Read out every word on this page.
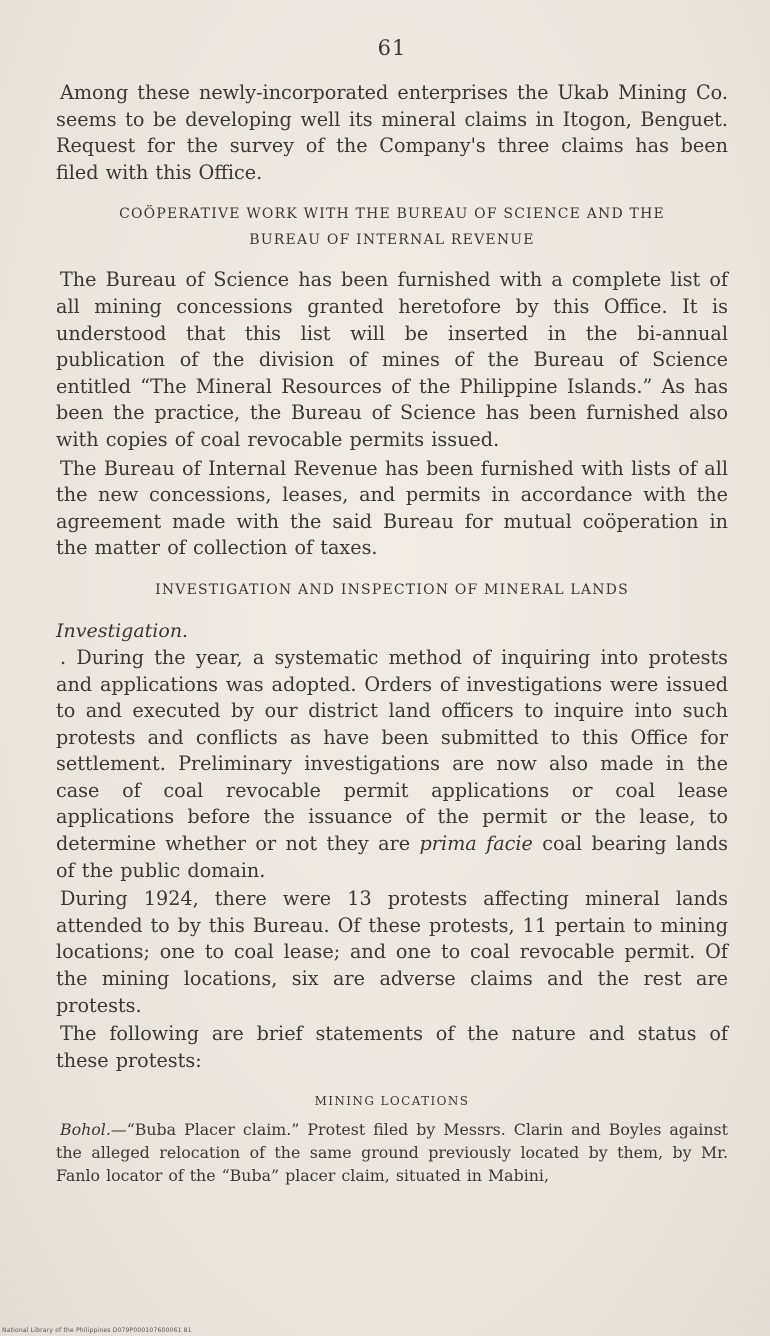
61

Among these newly-incorporated enterprises the Ukab Mining Co. seems to be developing well its mineral claims in Itogon, Benguet. Request for the survey of the Company's three claims has been filed with this Office.

COÖPERATIVE WORK WITH THE BUREAU OF SCIENCE AND THE
BUREAU OF INTERNAL REVENUE

The Bureau of Science has been furnished with a complete list of all mining concessions granted heretofore by this Office. It is understood that this list will be inserted in the bi-annual publication of the division of mines of the Bureau of Science entitled “The Mineral Resources of the Philippine Islands.” As has been the practice, the Bureau of Science has been furnished also with copies of coal revocable permits issued.

The Bureau of Internal Revenue has been furnished with lists of all the new concessions, leases, and permits in accordance with the agreement made with the said Bureau for mutual coöperation in the matter of collection of taxes.

INVESTIGATION AND INSPECTION OF MINERAL LANDS
Investigation.

. During the year, a systematic method of inquiring into protests and applications was adopted. Orders of investigations were issued to and executed by our district land officers to inquire into such protests and conflicts as have been submitted to this Office for settlement. Preliminary investigations are now also made in the case of coal revocable permit applications or coal lease applications before the issuance of the permit or the lease, to determine whether or not they are prima facie coal bearing lands of the public domain.

During 1924, there were 13 protests affecting mineral lands attended to by this Bureau. Of these protests, 11 pertain to mining locations; one to coal lease; and one to coal revocable permit. Of the mining locations, six are adverse claims and the rest are protests.

The following are brief statements of the nature and status of these protests:

MINING LOCATIONS

Bohol.—“Buba Placer claim.” Protest filed by Messrs. Clarin and Boyles against the alleged relocation of the same ground previously located by them, by Mr. Fanlo locator of the “Buba” placer claim, situated in Mabini,

National Library of the Philippines D079P000107600061 81
